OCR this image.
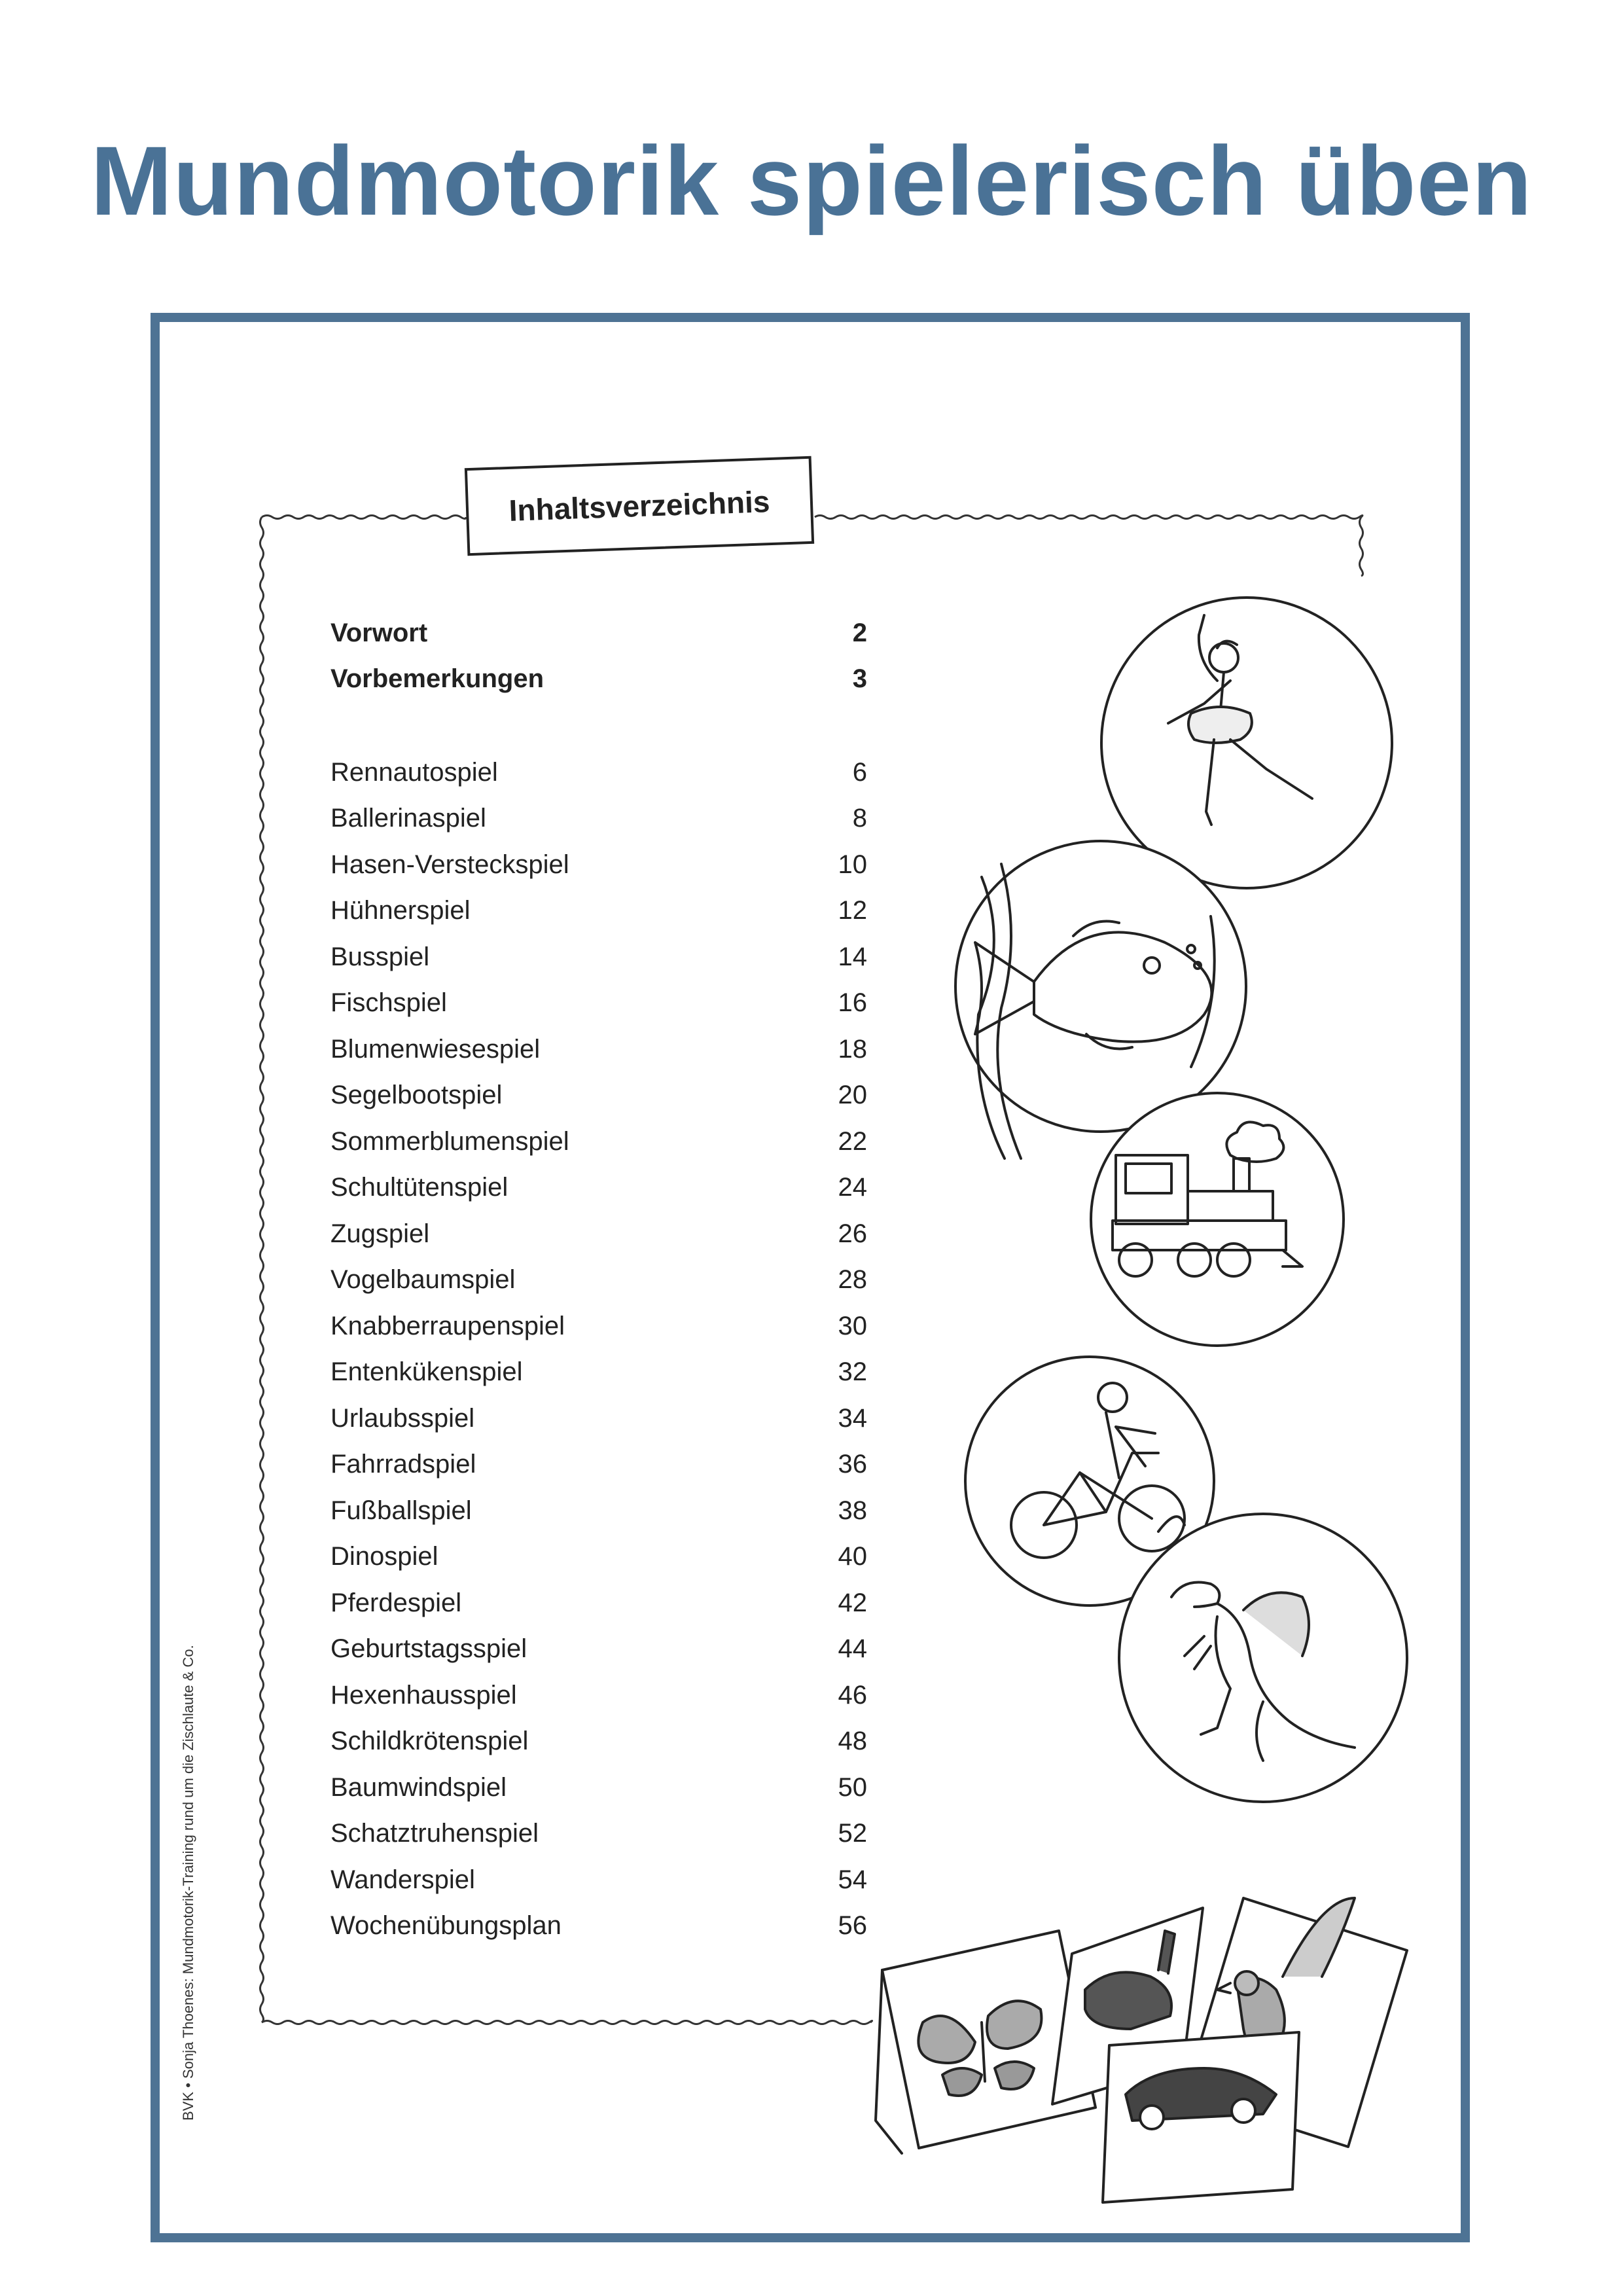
Mundmotorik spielerisch üben
Inhaltsverzeichnis
Vorwort	2
Vorbemerkungen	3
Rennautospiel	6
Ballerinaspiel	8
Hasen-Versteckspiel	10
Hühnerspiel	12
Busspiel	14
Fischspiel	16
Blumenwiesespiel	18
Segelbootspiel	20
Sommerblumenspiel	22
Schultütenspiel	24
Zugspiel	26
Vogelbaumspiel	28
Knabberraupenspiel	30
Entenkükenspiel	32
Urlaubsspiel	34
Fahrradspiel	36
Fußballspiel	38
Dinospiel	40
Pferdespiel	42
Geburtstagsspiel	44
Hexenhausspiel	46
Schildkrötenspiel	48
Baumwindspiel	50
Schatztruhenspiel	52
Wanderspiel	54
Wochenübungsplan	56
BVK • Sonja Thoenes: Mundmotorik-Training rund um die Zischlaute & Co.
